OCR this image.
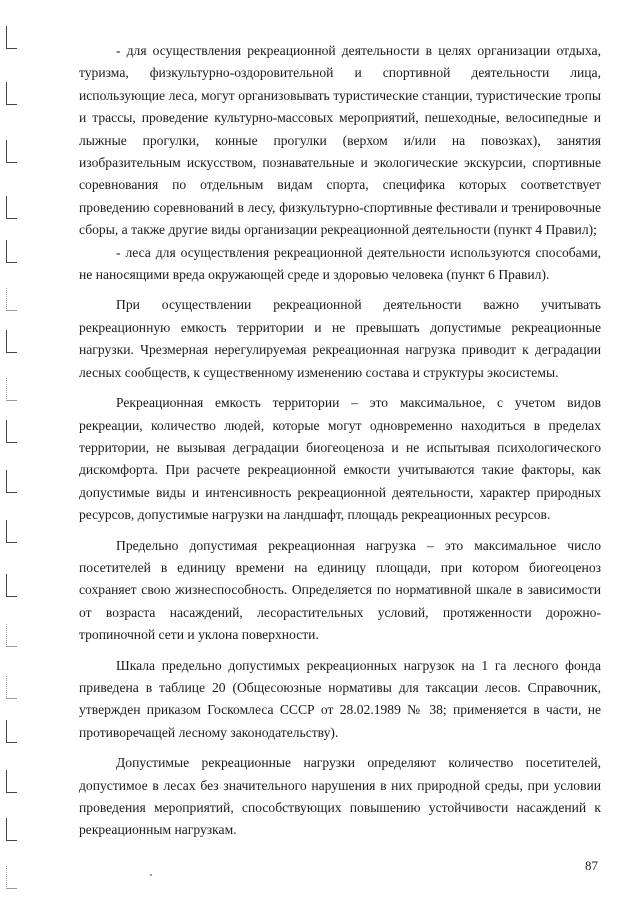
- для осуществления рекреационной деятельности в целях организации отдыха, туризма, физкультурно-оздоровительной и спортивной деятельности лица, использующие леса, могут организовывать туристические станции, туристические тропы и трассы, проведение культурно-массовых мероприятий, пешеходные, велосипедные и лыжные прогулки, конные прогулки (верхом и/или на повозках), занятия изобразительным искусством, познавательные и экологические экскурсии, спортивные соревнования по отдельным видам спорта, специфика которых соответствует проведению соревнований в лесу, физкультурно-спортивные фестивали и тренировочные сборы, а также другие виды организации рекреационной деятельности (пункт 4 Правил);

- леса для осуществления рекреационной деятельности используются способами, не наносящими вреда окружающей среде и здоровью человека (пункт 6 Правил).

При осуществлении рекреационной деятельности важно учитывать рекреационную емкость территории и не превышать допустимые рекреационные нагрузки. Чрезмерная нерегулируемая рекреационная нагрузка приводит к деградации лесных сообществ, к существенному изменению состава и структуры экосистемы.

Рекреационная емкость территории – это максимальное, с учетом видов рекреации, количество людей, которые могут одновременно находиться в пределах территории, не вызывая деградации биогеоценоза и не испытывая психологического дискомфорта. При расчете рекреационной емкости учитываются такие факторы, как допустимые виды и интенсивность рекреационной деятельности, характер природных ресурсов, допустимые нагрузки на ландшафт, площадь рекреационных ресурсов.

Предельно допустимая рекреационная нагрузка – это максимальное число посетителей в единицу времени на единицу площади, при котором биогеоценоз сохраняет свою жизнеспособность. Определяется по нормативной шкале в зависимости от возраста насаждений, лесорастительных условий, протяженности дорожно-тропиночной сети и уклона поверхности.

Шкала предельно допустимых рекреационных нагрузок на 1 га лесного фонда приведена в таблице 20 (Общесоюзные нормативы для таксации лесов. Справочник, утвержден приказом Госкомлеса СССР от 28.02.1989 № 38; применяется в части, не противоречащей лесному законодательству).

Допустимые рекреационные нагрузки определяют количество посетителей, допустимое в лесах без значительного нарушения в них природной среды, при условии проведения мероприятий, способствующих повышению устойчивости насаждений к рекреационным нагрузкам.

87
